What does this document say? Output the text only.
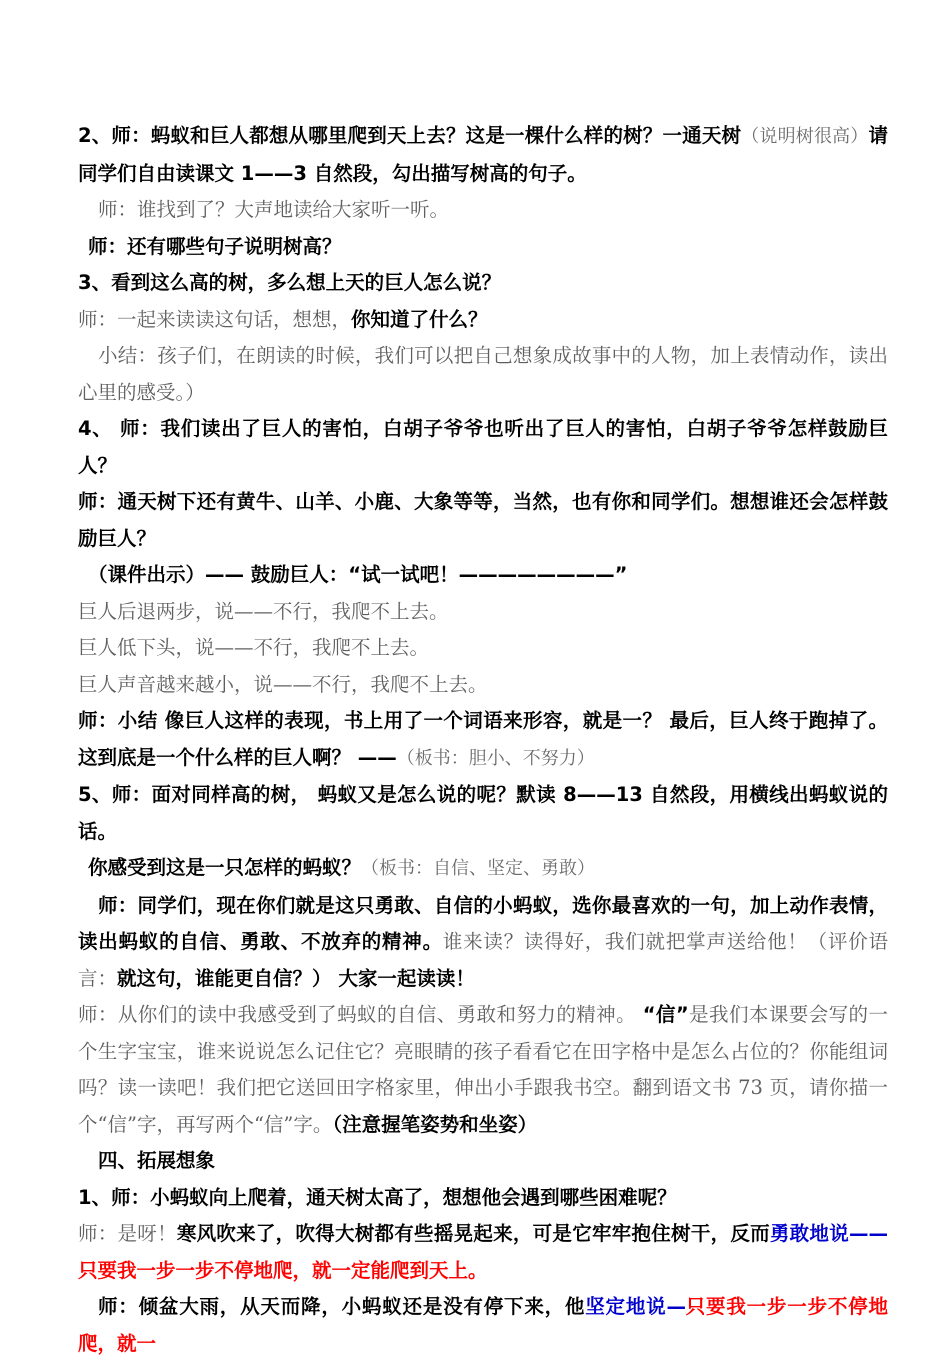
2、师：蚂蚁和巨人都想从哪里爬到天上去？这是一棵什么样的树？一通天树（说明树很高）请同学们自由读课文 1——3 自然段，勾出描写树高的句子。

师：谁找到了？大声地读给大家听一听。

师：还有哪些句子说明树高？

3、看到这么高的树，多么想上天的巨人怎么说？

师：一起来读读这句话，想想，你知道了什么？

小结：孩子们，在朗读的时候，我们可以把自己想象成故事中的人物，加上表情动作，读出心里的感受。）

4、 师：我们读出了巨人的害怕，白胡子爷爷也听出了巨人的害怕，白胡子爷爷怎样鼓励巨人？

师：通天树下还有黄牛、山羊、小鹿、大象等等，当然，也有你和同学们。想想谁还会怎样鼓励巨人？

（课件出示）—— 鼓励巨人：“试一试吧！————————”

巨人后退两步，说——不行，我爬不上去。

巨人低下头，说——不行，我爬不上去。

巨人声音越来越小，说——不行，我爬不上去。

师：小结 像巨人这样的表现，书上用了一个词语来形容，就是一？ 最后，巨人终于跑掉了。这到底是一个什么样的巨人啊？ ——（板书：胆小、不努力）

5、师：面对同样高的树， 蚂蚁又是怎么说的呢？默读 8——13 自然段，用横线出蚂蚁说的话。

你感受到这是一只怎样的蚂蚁？（板书：自信、坚定、勇敢）

师：同学们，现在你们就是这只勇敢、自信的小蚂蚁，选你最喜欢的一句，加上动作表情，读出蚂蚁的自信、勇敢、不放弃的精神。谁来读？读得好，我们就把掌声送给他！（评价语言：就这句，谁能更自信？） 大家一起读读！

师：从你们的读中我感受到了蚂蚁的自信、勇敢和努力的精神。 “信”是我们本课要会写的一个生字宝宝，谁来说说怎么记住它？亮眼睛的孩子看看它在田字格中是怎么占位的？你能组词吗？读一读吧！我们把它送回田字格家里，伸出小手跟我书空。翻到语文书 73 页，请你描一个“信”字，再写两个“信”字。（注意握笔姿势和坐姿）

四、拓展想象

1、师：小蚂蚁向上爬着，通天树太高了，想想他会遇到哪些困难呢？

师：是呀！寒风吹来了，吹得大树都有些摇晃起来，可是它牢牢抱住树干，反而勇敢地说——只要我一步一步不停地爬，就一定能爬到天上。

师：倾盆大雨，从天而降，小蚂蚁还是没有停下来，他坚定地说—只要我一步一步不停地爬，就一
